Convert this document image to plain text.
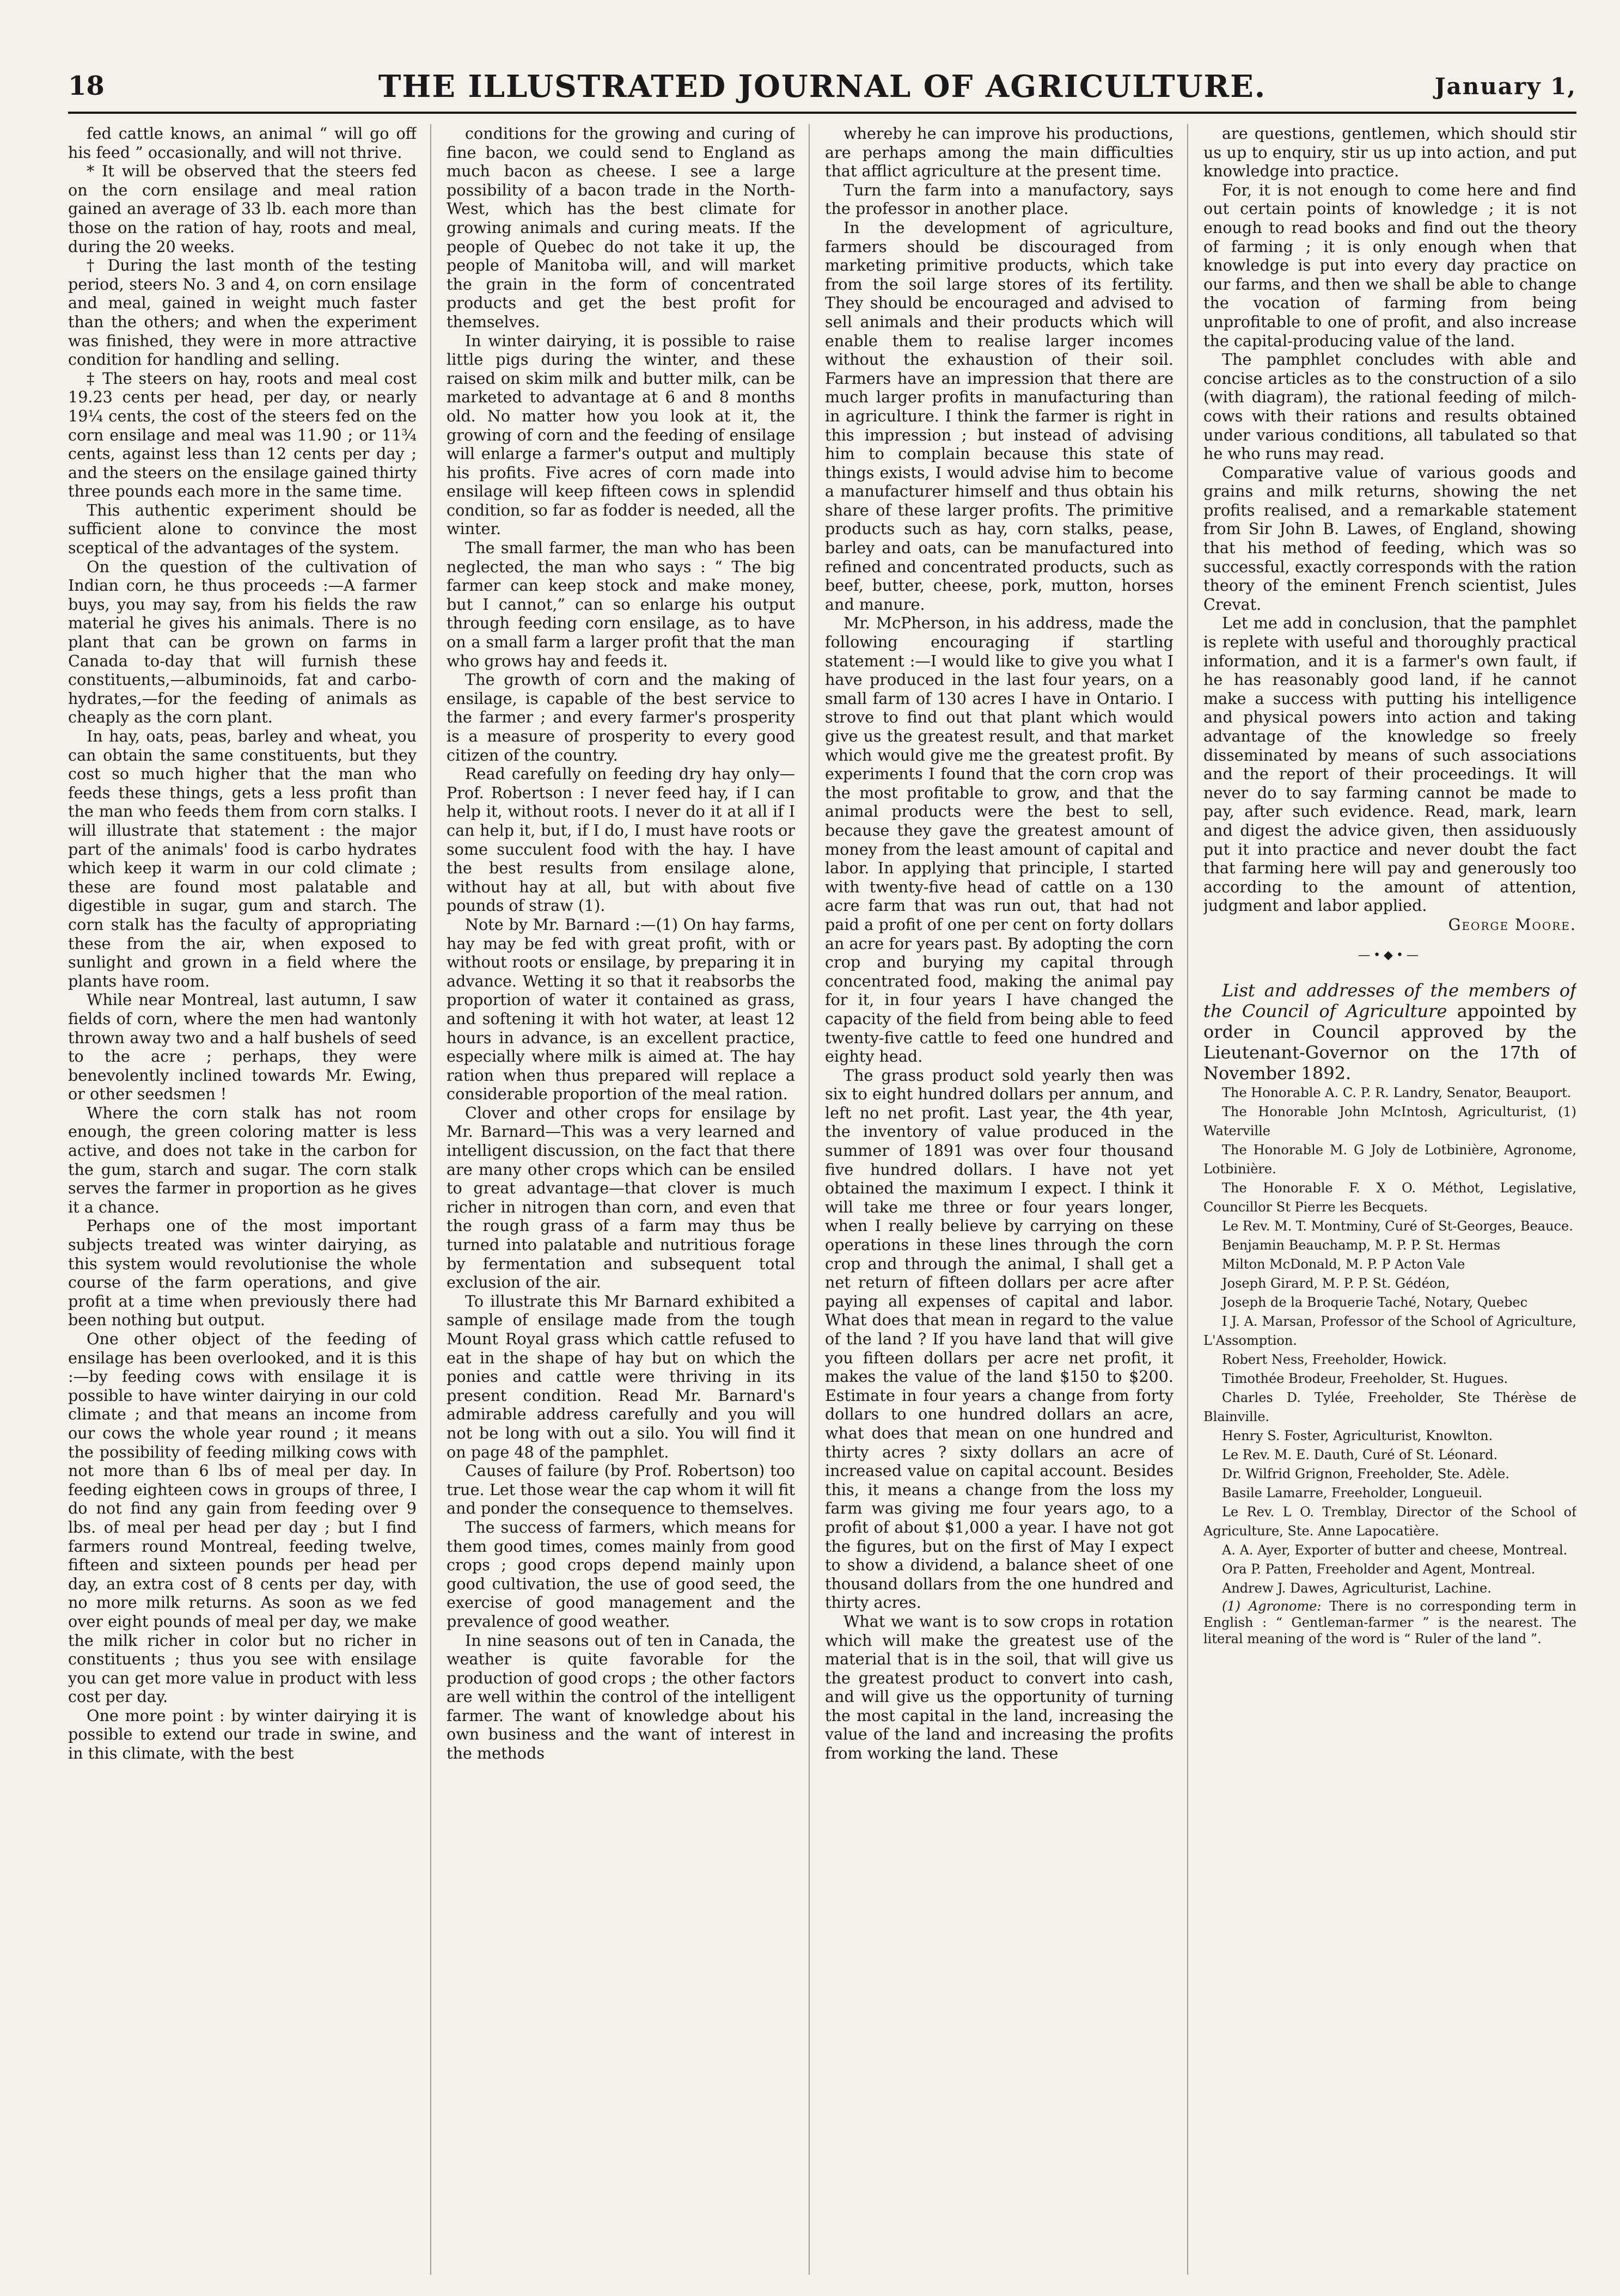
18	THE ILLUSTRATED JOURNAL OF AGRICULTURE.	January 1,

fed cattle knows, an animal “ will go off his feed ” occasionally, and will not thrive.

* It will be observed that the steers fed on the corn ensilage and meal ration gained an average of 33 lb. each more than those on the ration of hay, roots and meal, during the 20 weeks.

† During the last month of the testing period, steers No. 3 and 4, on corn ensilage and meal, gained in weight much faster than the others; and when the experiment was finished, they were in more attractive condition for handling and selling.

‡ The steers on hay, roots and meal cost 19.23 cents per head, per day, or nearly 19¼ cents, the cost of the steers fed on the corn ensilage and meal was 11.90 ; or 11¾ cents, against less than 12 cents per day ; and the steers on the ensilage gained thirty three pounds each more in the same time.

This authentic experiment should be sufficient alone to convince the most sceptical of the advantages of the system.

On the question of the cultivation of Indian corn, he thus proceeds :—A farmer buys, you may say, from his fields the raw material he gives his animals. There is no plant that can be grown on farms in Canada to-day that will furnish these constituents,—albuminoids, fat and carbo-hydrates,—for the feeding of animals as cheaply as the corn plant.

In hay, oats, peas, barley and wheat, you can obtain the same constituents, but they cost so much higher that the man who feeds these things, gets a less profit than the man who feeds them from corn stalks. I will illustrate that statement : the major part of the animals' food is carbo hydrates which keep it warm in our cold climate ; these are found most palatable and digestible in sugar, gum and starch. The corn stalk has the faculty of appropriating these from the air, when exposed to sunlight and grown in a field where the plants have room.

While near Montreal, last autumn, I saw fields of corn, where the men had wantonly thrown away two and a half bushels of seed to the acre ; perhaps, they were benevolently inclined towards Mr. Ewing, or other seedsmen !

Where the corn stalk has not room enough, the green coloring matter is less active, and does not take in the carbon for the gum, starch and sugar. The corn stalk serves the farmer in proportion as he gives it a chance.

Perhaps one of the most important subjects treated was winter dairying, as this system would revolutionise the whole course of the farm operations, and give profit at a time when previously there had been nothing but output.

One other object of the feeding of ensilage has been overlooked, and it is this :—by feeding cows with ensilage it is possible to have winter dairying in our cold climate ; and that means an income from our cows the whole year round ; it means the possibility of feeding milking cows with not more than 6 lbs of meal per day. In feeding eighteen cows in groups of three, I do not find any gain from feeding over 9 lbs. of meal per head per day ; but I find farmers round Montreal, feeding twelve, fifteen and sixteen pounds per head per day, an extra cost of 8 cents per day, with no more milk returns. As soon as we fed over eight pounds of meal per day, we make the milk richer in color but no richer in constituents ; thus you see with ensilage you can get more value in product with less cost per day.

One more point : by winter dairying it is possible to extend our trade in swine, and in this climate, with the best

conditions for the growing and curing of fine bacon, we could send to England as much bacon as cheese. I see a large possibility of a bacon trade in the North-West, which has the best climate for growing animals and curing meats. If the people of Quebec do not take it up, the people of Manitoba will, and will market the grain in the form of concentrated products and get the best profit for themselves.

In winter dairying, it is possible to raise little pigs during the winter, and these raised on skim milk and butter milk, can be marketed to advantage at 6 and 8 months old. No matter how you look at it, the growing of corn and the feeding of ensilage will enlarge a farmer's output and multiply his profits. Five acres of corn made into ensilage will keep fifteen cows in splendid condition, so far as fodder is needed, all the winter.

The small farmer, the man who has been neglected, the man who says : “ The big farmer can keep stock and make money, but I cannot,” can so enlarge his output through feeding corn ensilage, as to have on a small farm a larger profit that the man who grows hay and feeds it.

The growth of corn and the making of ensilage, is capable of the best service to the farmer ; and every farmer's prosperity is a measure of prosperity to every good citizen of the country.

Read carefully on feeding dry hay only—Prof. Robertson : I never feed hay, if I can help it, without roots. I never do it at all if I can help it, but, if I do, I must have roots or some succulent food with the hay. I have the best results from ensilage alone, without hay at all, but with about five pounds of straw (1).

Note by Mr. Barnard :—(1) On hay farms, hay may be fed with great profit, with or without roots or ensilage, by preparing it in advance. Wetting it so that it reabsorbs the proportion of water it contained as grass, and softening it with hot water, at least 12 hours in advance, is an excellent practice, especially where milk is aimed at. The hay ration when thus prepared will replace a considerable proportion of the meal ration.

Clover and other crops for ensilage by Mr. Barnard—This was a very learned and intelligent discussion, on the fact that there are many other crops which can be ensiled to great advantage—that clover is much richer in nitrogen than corn, and even that the rough grass of a farm may thus be turned into palatable and nutritious forage by fermentation and subsequent total exclusion of the air.

To illustrate this Mr Barnard exhibited a sample of ensilage made from the tough Mount Royal grass which cattle refused to eat in the shape of hay but on which the ponies and cattle were thriving in its present condition. Read Mr. Barnard's admirable address carefully and you will not be long with out a silo. You will find it on page 48 of the pamphlet.

Causes of failure (by Prof. Robertson) too true. Let those wear the cap whom it will fit and ponder the consequence to themselves.

The success of farmers, which means for them good times, comes mainly from good crops ; good crops depend mainly upon good cultivation, the use of good seed, the exercise of good management and the prevalence of good weather.

In nine seasons out of ten in Canada, the weather is quite favorable for the production of good crops ; the other factors are well within the control of the intelligent farmer. The want of knowledge about his own business and the want of interest in the methods

whereby he can improve his productions, are perhaps among the main difficulties that afflict agriculture at the present time.

Turn the farm into a manufactory, says the professor in another place.

In the development of agriculture, farmers should be discouraged from marketing primitive products, which take from the soil large stores of its fertility. They should be encouraged and advised to sell animals and their products which will enable them to realise larger incomes without the exhaustion of their soil. Farmers have an impression that there are much larger profits in manufacturing than in agriculture. I think the farmer is right in this impression ; but instead of advising him to complain because this state of things exists, I would advise him to become a manufacturer himself and thus obtain his share of these larger profits. The primitive products such as hay, corn stalks, pease, barley and oats, can be manufactured into refined and concentrated products, such as beef, butter, cheese, pork, mutton, horses and manure.

Mr. McPherson, in his address, made the following encouraging if startling statement :—I would like to give you what I have produced in the last four years, on a small farm of 130 acres I have in Ontario. I strove to find out that plant which would give us the greatest result, and that market which would give me the greatest profit. By experiments I found that the corn crop was the most profitable to grow, and that the animal products were the best to sell, because they gave the greatest amount of money from the least amount of capital and labor. In applying that principle, I started with twenty-five head of cattle on a 130 acre farm that was run out, that had not paid a profit of one per cent on forty dollars an acre for years past. By adopting the corn crop and burying my capital through concentrated food, making the animal pay for it, in four years I have changed the capacity of the field from being able to feed twenty-five cattle to feed one hundred and eighty head.

The grass product sold yearly then was six to eight hundred dollars per annum, and left no net profit. Last year, the 4th year, the inventory of value produced in the summer of 1891 was over four thousand five hundred dollars. I have not yet obtained the maximum I expect. I think it will take me three or four years longer, when I really believe by carrying on these operations in these lines through the corn crop and through the animal, I shall get a net return of fifteen dollars per acre after paying all expenses of capital and labor. What does that mean in regard to the value of the land ? If you have land that will give you fifteen dollars per acre net profit, it makes the value of the land $150 to $200. Estimate in four years a change from forty dollars to one hundred dollars an acre, what does that mean on one hundred and thirty acres ? sixty dollars an acre of increased value on capital account. Besides this, it means a change from the loss my farm was giving me four years ago, to a profit of about $1,000 a year. I have not got the figures, but on the first of May I expect to show a dividend, a balance sheet of one thousand dollars from the one hundred and thirty acres.

What we want is to sow crops in rotation which will make the greatest use of the material that is in the soil, that will give us the greatest product to convert into cash, and will give us the opportunity of turning the most capital in the land, increasing the value of the land and increasing the profits from working the land. These

are questions, gentlemen, which should stir us up to enquiry, stir us up into action, and put knowledge into practice.

For, it is not enough to come here and find out certain points of knowledge ; it is not enough to read books and find out the theory of farming ; it is only enough when that knowledge is put into every day practice on our farms, and then we shall be able to change the vocation of farming from being unprofitable to one of profit, and also increase the capital-producing value of the land.

The pamphlet concludes with able and concise articles as to the construction of a silo (with diagram), the rational feeding of milch-cows with their rations and results obtained under various conditions, all tabulated so that he who runs may read.

Comparative value of various goods and grains and milk returns, showing the net profits realised, and a remarkable statement from Sir John B. Lawes, of England, showing that his method of feeding, which was so successful, exactly corresponds with the ration theory of the eminent French scientist, Jules Crevat.

Let me add in conclusion, that the pamphlet is replete with useful and thoroughly practical information, and it is a farmer's own fault, if he has reasonably good land, if he cannot make a success with putting his intelligence and physical powers into action and taking advantage of the knowledge so freely disseminated by means of such associations and the report of their proceedings. It will never do to say farming cannot be made to pay, after such evidence. Read, mark, learn and digest the advice given, then assiduously put it into practice and never doubt the fact that farming here will pay and generously too according to the amount of attention, judgment and labor applied.

George Moore.

—•◆•—

List and addresses of the members of the Council of Agriculture appointed by order in Council approved by the Lieutenant-Governor on the 17th of November 1892.

The Honorable A. C. P. R. Landry, Senator, Beauport.

The Honorable John McIntosh, Agriculturist, (1) Waterville

The Honorable M. G Joly de Lotbinière, Agronome, Lotbinière.

The Honorable F. X O. Méthot, Legislative, Councillor St Pierre les Becquets.

Le Rev. M. T. Montminy, Curé of St-Georges, Beauce.

Benjamin Beauchamp, M. P. P. St. Hermas

Milton McDonald, M. P. P Acton Vale

Joseph Girard, M. P. P. St. Gédéon,

Joseph de la Broquerie Taché, Notary, Quebec

I J. A. Marsan, Professor of the School of Agriculture, L'Assomption.

Robert Ness, Freeholder, Howick.

Timothée Brodeur, Freeholder, St. Hugues.

Charles D. Tylée, Freeholder, Ste Thérèse de Blainville.

Henry S. Foster, Agriculturist, Knowlton.

Le Rev. M. E. Dauth, Curé of St. Léonard.

Dr. Wilfrid Grignon, Freeholder, Ste. Adèle.

Basile Lamarre, Freeholder, Longueuil.

Le Rev. L O. Tremblay, Director of the School of Agriculture, Ste. Anne Lapocatière.

A. A. Ayer, Exporter of butter and cheese, Montreal.

Ora P. Patten, Freeholder and Agent, Montreal.

Andrew J. Dawes, Agriculturist, Lachine.

(1) Agronome: There is no corresponding term in English : “ Gentleman-farmer ” is the nearest. The literal meaning of the word is “ Ruler of the land ”.
